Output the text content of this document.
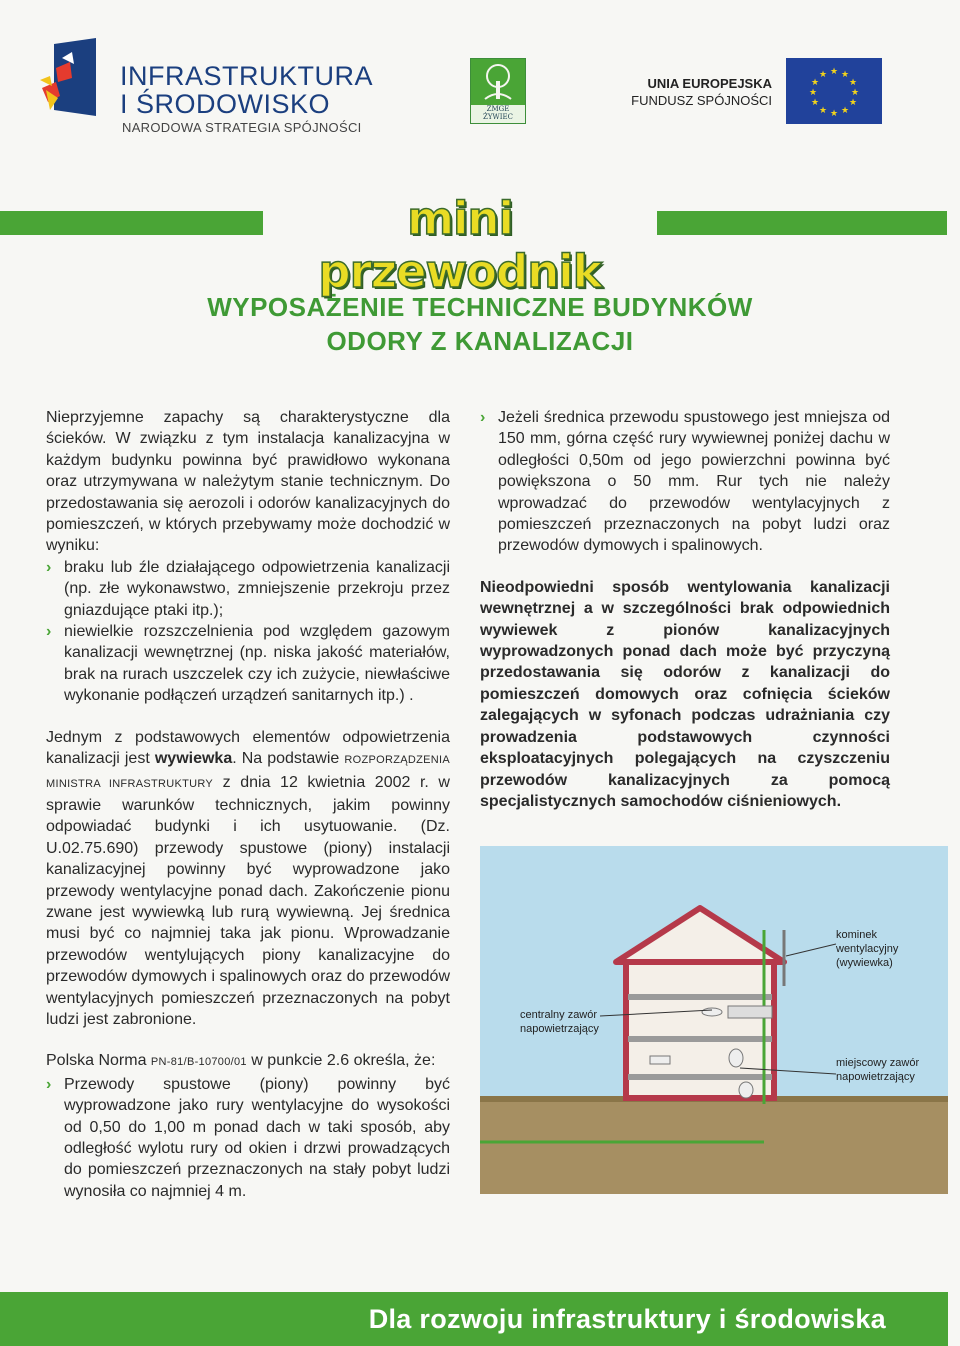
INFRASTRUKTURA
I ŚRODOWISKO
NARODOWA STRATEGIA SPÓJNOŚCI
ZMGE
ŻYWIEC
UNIA EUROPEJSKA
FUNDUSZ SPÓJNOŚCI
★ ★
★
★
★
★
★
★
★
★
★
★
mini przewodnik
WYPOSAŻENIE TECHNICZNE BUDYNKÓW
ODORY Z KANALIZACJI

Nieprzyjemne zapachy są charakterystyczne dla ścieków. W związku z tym instalacja kanalizacyjna w każdym budynku powinna być prawidłowo wykonana oraz utrzymywana w należytym stanie technicznym. Do przedostawania się aerozoli i odorów kanalizacyjnych do pomieszczeń, w których przebywamy może dochodzić w wyniku:

› braku lub źle działającego odpowietrzenia kanalizacji (np. złe wykonawstwo, zmniejszenie przekroju przez gniazdujące ptaki itp.);
› niewielkie rozszczelnienia pod względem gazowym kanalizacji wewnętrznej (np. niska jakość materiałów, brak na rurach uszczelek czy ich zużycie, niewłaściwe wykonanie podłączeń urządzeń sanitarnych itp.) .

Jednym z podstawowych elementów odpowietrzenia kanalizacji jest wywiewka. Na podstawie ROZPORZĄDZENIA MINISTRA INFRASTRUKTURY z dnia 12 kwietnia 2002 r. w sprawie warunków technicznych, jakim powinny odpowiadać budynki i ich usytuowanie. (Dz. U.02.75.690) przewody spustowe (piony) instalacji kanalizacyjnej powinny być wyprowadzone jako przewody wentylacyjne ponad dach. Zakończenie pionu zwane jest wywiewką lub rurą wywiewną. Jej średnica musi być co najmniej taka jak pionu. Wprowadzanie przewodów wentylujących piony kanalizacyjne do przewodów dymowych i spalinowych oraz do przewodów wentylacyjnych pomieszczeń przeznaczonych na pobyt ludzi jest zabronione.

Polska Norma PN-81/B-10700/01 w punkcie 2.6 określa, że:

› Przewody spustowe (piony) powinny być wyprowadzone jako rury wentylacyjne do wysokości od 0,50 do 1,00 m ponad dach w taki sposób, aby odległość wylotu rury od okien i drzwi prowadzących do pomieszczeń przeznaczonych na stały pobyt ludzi wynosiła co najmniej 4 m.
› Jeżeli średnica przewodu spustowego jest mniejsza od 150 mm, górna część rury wywiewnej poniżej dachu w odległości 0,50m od jego powierzchni powinna być powiększona o 50 mm. Rur tych nie należy wprowadzać do przewodów wentylacyjnych z pomieszczeń przeznaczonych na pobyt ludzi oraz przewodów dymowych i spalinowych.

Nieodpowiedni sposób wentylowania kanalizacji wewnętrznej a w szczególności brak odpowiednich wywiewek z pionów kanalizacyjnych wyprowadzonych ponad dach może być przyczyną przedostawania się odorów z kanalizacji do pomieszczeń domowych oraz cofnięcia ścieków zalegających w syfonach podczas udrażniania czy prowadzenia podstawowych czynności eksploatacyjnych polegających na czyszczeniu przewodów kanalizacyjnych za pomocą specjalistycznych samochodów ciśnieniowych.

kominek
wentylacyjny
(wywiewka)
centralny zawór
napowietrzający
miejscowy zawór
napowietrzający
Dla rozwoju infrastruktury i środowiska
